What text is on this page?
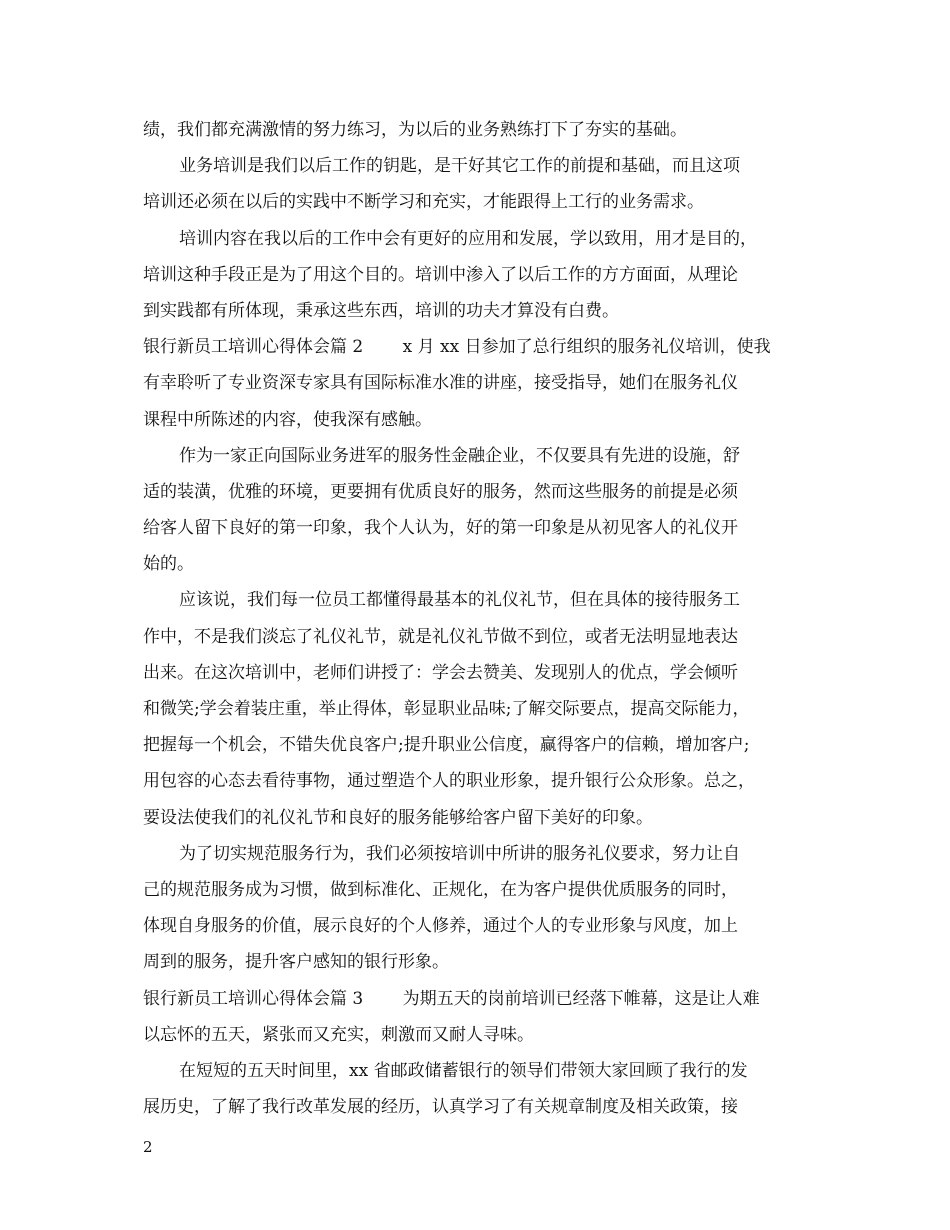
绩，我们都充满激情的努力练习，为以后的业务熟练打下了夯实的基础。
业务培训是我们以后工作的钥匙，是干好其它工作的前提和基础，而且这项
培训还必须在以后的实践中不断学习和充实，才能跟得上工行的业务需求。
培训内容在我以后的工作中会有更好的应用和发展，学以致用，用才是目的，
培训这种手段正是为了用这个目的。培训中渗入了以后工作的方方面面，从理论
到实践都有所体现，秉承这些东西，培训的功夫才算没有白费。
银行新员工培训心得体会篇 2　　 x 月 xx 日参加了总行组织的服务礼仪培训，使我
有幸聆听了专业资深专家具有国际标准水准的讲座，接受指导，她们在服务礼仪
课程中所陈述的内容，使我深有感触。
作为一家正向国际业务进军的服务性金融企业，不仅要具有先进的设施，舒
适的装潢，优雅的环境，更要拥有优质良好的服务，然而这些服务的前提是必须
给客人留下良好的第一印象，我个人认为，好的第一印象是从初见客人的礼仪开
始的。
应该说，我们每一位员工都懂得最基本的礼仪礼节，但在具体的接待服务工
作中，不是我们淡忘了礼仪礼节，就是礼仪礼节做不到位，或者无法明显地表达
出来。在这次培训中，老师们讲授了：学会去赞美、发现别人的优点，学会倾听
和微笑;学会着装庄重，举止得体，彰显职业品味;了解交际要点，提高交际能力，
把握每一个机会，不错失优良客户;提升职业公信度，赢得客户的信赖，增加客户;
用包容的心态去看待事物，通过塑造个人的职业形象，提升银行公众形象。总之，
要设法使我们的礼仪礼节和良好的服务能够给客户留下美好的印象。
为了切实规范服务行为，我们必须按培训中所讲的服务礼仪要求，努力让自
己的规范服务成为习惯，做到标准化、正规化，在为客户提供优质服务的同时，
体现自身服务的价值，展示良好的个人修养，通过个人的专业形象与风度，加上
周到的服务，提升客户感知的银行形象。
银行新员工培训心得体会篇 3　　 为期五天的岗前培训已经落下帷幕，这是让人难
以忘怀的五天，紧张而又充实，刺激而又耐人寻味。
在短短的五天时间里，xx 省邮政储蓄银行的领导们带领大家回顾了我行的发
展历史，了解了我行改革发展的经历，认真学习了有关规章制度及相关政策，接
2
